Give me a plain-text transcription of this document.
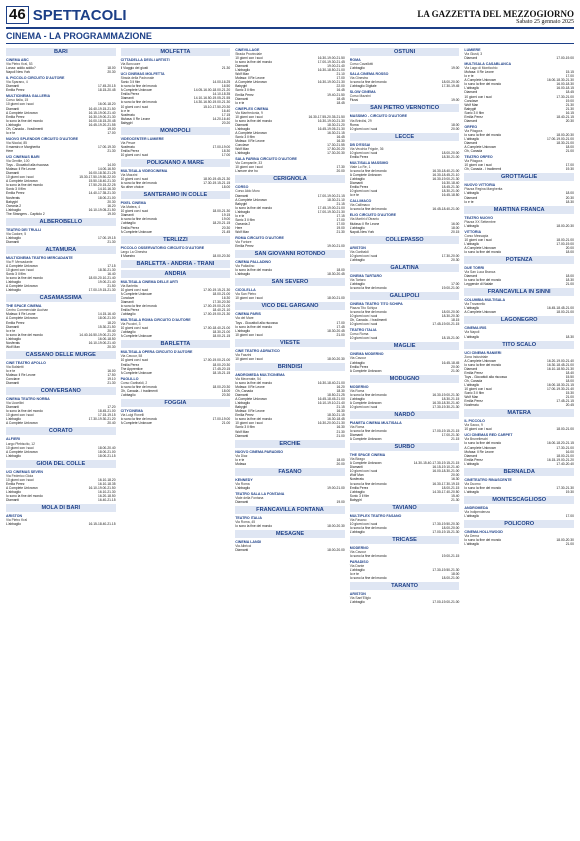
46 SPETTACOLI	LA GAZZETTA DEL MEZZOGIORNO
Sabato 25 gennaio 2025
CINEMA - LA PROGRAMMAZIONE
BARI
CINEMA ABC
Via Pietro Kral, 53
Lonza: addio addio?	18.00
Napoli New York	20.30
IL PICCOLO CIRCUITO D'AUTORE
Via Sparano, 4
Diamanti	17.45-20.15
Emilia Perez	18.15-20.45
MULTICINEMA GALLERIA
Corso Italia, 15
10 giorni con i suoi	16.00-18.20
Diamanti	16.40-19.15-21.50
A Complete Unknown	16.15-19.00-21.40
Emilia Perez	16.30-19.00-21.30
Io sono la fine del mondo	16.00-18.15-20.45
L'abbaglio	16.45-19.20-21.55
Oh, Canada - I tradimenti	19.00
Io e te	17.00
NUOVO SPLENDOR CIRCUITO D'AUTORE
Via Nicolai, 85
Il maestro e Margherita	17.00-19.30
Here	21.30
UCI CINEMAS BARI
Via Gentile, 100
Toys - Giocattoli alla riscossa	14.00
Mufasa: Il Re Leone	14.00-16.50
Diamanti	16.00-18.30-21.25
10 giorni con i suoi	15.30-17.50-19.50-22.00
A Complete Unknown	15.50-18.40-21.30
Io sono la fine del mondo	17.50-20.15-22.25
Sonic 3 Il film	14.10-16.30
Emilia Perez	14.40-17.35-21.30
Nosferatu	18.00-21.00
Babygirl	20.30
Oceania 2	16.20
L'abbaglio	16.10-19.05-21.50
The Strangers - Capitolo 2	19.00
ALBEROBELLO
TEATRO DEI TRULLI
Via Cadore, 5
L'abbaglio	17.00-19.15
Diamanti	21.30
ALTAMURA
MULTICINEMA TEATRO MERCADANTE
Via P. Mercadante
A Complete Unknown	17.15
10 giorni con i suoi	18.30-21.30
Sonic 3 Il film	16.40
Io sono la fine del mondo	18.00-20.10-21.40
L'abbaglio	19.00-21.40
A Complete Unknown	21.50
L'abbaglio	17.00-19.15-21.30
CASAMASSIMA
THE SPACE CINEMA
Centro Commerciale Auchan
Mufasa: Il Re Leone	14.15-16.40
A Complete Unknown	18.00-21.00
Emilia Perez	18.20
Diamanti	15.30-21.50
Io e te	20.40
Io sono la fine del mondo	14.40-16.50-19.00-21.20
L'abbaglio	16.00-18.50
Nosferatu	16.10-19.00-21.40
Wolf Man	20.30
CASSANO DELLE MURGE
CINE TEATRO APOLLO
Via Bufaletti
Io e te	16.00
Mufasa: Il Re Leone	17.50
Conclave	19.10
Diamanti	21.30
CONVERSANO
CINEMA TEATRO NORBA
Via Uccellini
Diamanti	17.20
Io sono la fine del mondo	18.45-21.00
10 giorni con i suoi	17.15-19.15
L'abbaglio	17.30-19.30-21.20
A Complete Unknown	20.40
CORATO
ALFIERI
Largo Plebiscito, 12
10 giorni con i suoi	18.00-20.40
A Complete Unknown	18.00-21.00
L'abbaglio	18.00-21.15
GIOIA DEL COLLE
UCI CINEMAS SEVEN
Via Federico Gioia
10 giorni con i suoi	16.10-18.20
Emilia Perez	16.10-18.35
A Complete Unknown	16.10-19.00-21.50
L'abbaglio	16.10-21.30
Io sono la fine del mondo	16.20-18.50
Diamanti	16.40-21.15
MOLA DI BARI
ARISTON
Via Pietro Kral
L'abbaglio	16.15-18.40-21.15
MOLFETTA
CITTADELLA DEGLI ARTISTI
Via Boncuore
Il Viaggio dei giusti	21.30
UCI CINEMAS MOLFETTA
Strada della Padronale
Sonic 3 Il film	14.00-16.25
Io sono la fine del mondo	16.50
A Complete Unknown	14.05-16.00-18.00-21.20
Emilia Perez	14.10-18.35
Diamanti	14.10-16.50-19.05-21.55
Io sono la fine del mondo	14.30-16.50-19.00-21.30
10 giorni con i suoi	15.10-17.50-20.30
Io e te	16.40
Nosferatu	17.15
Mufasa: Il Re Leone	14.20-16.40
Babygirl	20.20
MONOPOLI
VIDEOCENTER LUMIERE
Via Pesce
Nosferatu	17.00-19.00
Emilia Perez	18.30
10 giorni con i suoi	17.00
POLIGNANO A MARE
MULTISALA VIDEOCINEMA
Via Mazzini
10 giorni con i suoi	18.00-19.45-21.30
Io sono la fine del mondo	17.30-19.15-21.15
No other choice	18.00
SANTERAMO IN COLLE
PIXEL CINEMA
Via Matera, 4
10 giorni con i suoi	18.00-21.30
Diamanti	19.15
Io sono la fine del mondo	19.00
L'abbaglio	18.20-21.15
Emilia Perez	20.30
A Complete Unknown	21.45
TERLIZZI
PICCOLO OSSERVATORIO CIRCUITO D'AUTORE
Largo La Ginestra
Il Maestro	18.00-20.30
BARLETTA - ANDRIA - TRANI
ANDRIA
MULTISALA CINEMA DELLE ARTI
Via Barletta
10 giorni con i suoi	17.00-19.15-21.30
A Complete Unknown	18.00-21.00
Conclave	16.30
Diamanti	17.30-20.30
Io sono la fine del mondo	17.00-19.00-21.00
Emilia Perez	18.40-21.10
L'abbaglio	17.00-19.00-21.30
MULTISALA ROMA CIRCUITO D'AUTORE
Via Puccini, 3
10 giorni con i suoi	17.00-18.40-21.00
L'abbaglio	18.30-21.00
A Complete Unknown	18.00-21.15
BARLETTA
MULTISALA OPERA CIRCUITO D'AUTORE
Via Cavour, 58
10 giorni con i suoi	17.00-19.00-21.00
Emilia Perez	18.00-20.30
The Apprentice	17.45-20.15
A Complete Unknown	18.15-21.15
PAOLILLO
Corso Garibaldi, 2
Io sono la fine del mondo	18.00-20.30
Oh, Canada - I tradimenti	18.00
L'abbaglio	20.30
FOGGIA
CITYCINEMA
Via Luigi Rovelli
Io sono la fine del mondo	17.00-19.00
A Complete Unknown	21.00
CINEVILLAGE
Strada Provinciale
10 giorni con i suoi	16.30-19.00-21.50
Io sono la fine del mondo	17.00-19.30-21.45
Diamanti	19.00-21.40
L'abbaglio	16.30-18.50-21.00
Wolf Man	21.10
Mufasa: Il Re Leone	17.00
A Complete Unknown	16.30-19.00-21.30
Babygirl	22.00
Sonic 3 Il film	16.45
Emilia Perez	19.40-21.50
Diamanti	18.45
Io e te	18.45
CINEPLEX CINEMA
Via Manfredonia, 9
10 giorni con i suoi	16.30-17.55-20.35-21.50
Io sono la fine del mondo	16.30-19.00-21.30
Diamanti	18.30-21.20
L'abbaglio	16.45-19.05-21.30
A Complete Unknown	16.30-21.15
Sonic 3 Il film	16.45
Mufasa: Il Re Leone	16.30
Conclave	17.30-21.55
Wolf Man	17.50-20.20
L'abbaglio	17.30-20.30
SALA FARINA CIRCUITO D'AUTORE
Via Campanile, 33
10 giorni con i suoi	17.30
L'amore che ho	20.00
CERIGNOLA
CORSO
Corso Aldo Moro
Diamanti	17.00-19.00-21.15
A Complete Unknown	18.30-21.10
Babygirl	21.15
Io sono la fine del mondo	17.45-19.00-21.00
L'abbaglio	17.00-19.30-21.30
Io e te	17.15
Sonic 3 Il film	17.00
Oceania 2	17.00
Here	19.00
Wolf Man	21.30
ROMA CIRCUITO D'AUTORE
Via Fortore
Emilia Perez	19.00-21.00
SAN GIOVANNI ROTONDO
CINEMA PALLADINO
Via Palladino
Io sono la fine del mondo	18.00
L'abbaglio	18.30-20.45
SAN SEVERO
CICOLELLA
Via San Pietro
10 giorni con i suoi	18.00-21.00
VICO DEL GARGANO
CINEMA PARIS
Via del Mare
Toys - Giocattoli alla riscossa	17.00
Io sono la fine del mondo	17.45
L'abbaglio	18.30-20.45
10 giorni con i suoi	21.00
VIESTE
CINE TEATRO ADRIATICO
Via Fazzini
10 giorni con i suoi	18.00-20.30
BRINDISI
ANDROMEDA MULTICINEMA
Via Mecenate, 54
Io sono la fine del mondo	16.30-18.40-21.00
Mufasa: Il Re Leone	16.20
Oh, Canada	18.30
Diamanti	18.50-21.25
A Complete Unknown	16.45-18.45-21.00
L'abbaglio	16.10-19.10-21.40
Babygirl	21.15
Mufasa: Il Re Leone	16.30
Emilia Perez	18.30-21.15
Io sono la fine del mondo	16.30-18.45
10 giorni con i suoi	16.30-20.00-21.30
Sonic 3 Il film	16.30
Wolf Man	21.30
Diamanti	21.00
ERCHIE
NUOVO CINEMA PARADISO
Via Diaz
Io e te	18.00
Mufasa	20.00
FASANO
KENNEDY
Via Roma
L'abbaglio	19.00-21.00
TEATRO SALA LA FONTANA
Viale della Fontana
Diamanti	19.00
FRANCAVILLA FONTANA
TEATRO ITALIA
Via Roma, 45
Io sono la fine del mondo	18.00-20.30
MESAGNE
CINEMA LANDI
Via Albricci
Diamanti	18.00-20.00
OSTUNI
ROMA
Corso Cavallotti
L'abbaglio	19.00
SALA CINEMA ROSSO
Via Ginestra
Io sono la fine del mondo	18.00-20.00
L'abbaglio Digitale	17.30-19.45
SLOW CINEMA
Corso Mazzini
Flussi	19.00
SAN PIETRO VERNOTICO
MASSIMO - CIRCUITO D'AUTORE
Via Brindisi, 29
Roma	18.00
10 giorni con i suoi	20.00
LECCE
DB D'ESSAI
Via Vecchia Frigole, 36
10 giorni con i suoi	18.00-20.00
Emilia Perez	18.30-21.00
MULTISALA MASSIMO
Viale Lo Re, 1
Io sono la fine del mondo	16.30-18.40-21.00
A Complete Unknown	16.30-18.45-21.10
L'abbaglio	16.30-19.00-21.30
Diamanti	16.30-18.40
Emilia Perez	18.45-21.30
10 giorni con i suoi	18.30-21.00
Io e te	16.45-18.50
CALLIMACO
Via Callimaco
Io sono la fine del mondo	16.45-18.40-21.00
ELIO CIRCUITO D'AUTORE
Via Martiri d'Otranto
Mufasa: Il Re Leone	16.00
L'abbaglio	18.00
Napoli-New York	20.15
COLLEPASSO
ARISTON
Via Garibaldi
10 giorni con i suoi	17.30-20.00
L'abbaglio	20.30
GALATINA
CINEMA TARTARO
Via Tartaro
L'abbaglio	17.00
Io sono la fine del mondo	19.00-21.00
GALLIPOLI
CINEMA TEATRO TITO SCHIPA
Piazza Tito Schipa
Io sono la fine del mondo	18.00-20.00
10 giorni con i suoi	18.30-20.30
Oh, Canada - I tradimenti	18.15
10 giorni con i suoi	17.45-19.00-21.15
TEATRO ITALIA
Corso Roma
10 giorni con i suoi	18.15-21.00
MAGLIE
CINEMA MODERNO
Via Cavour
L'abbaglio	16.45-18.45
Emilia Perez	20.00
A Complete Unknown	21.00
MODUGNO
MODERNO
Via Roma
Io sono la fine del mondo	16.30-19.00-21.30
L'abbaglio	18.30-21.15
A Complete Unknown	16.30-18.30-21.40
10 giorni con i suoi	17.30-19.30-21.30
NARDÒ
PIANETA CINEMA MULTISALA
Via Roma
Io sono la fine del mondo	17.00-19.15-21.15
Diamanti	17.00-21.30
A Complete Unknown	21.15
SURBO
THE SPACE CINEMA
Via Birago
A Complete Unknown	14.30-15.40-17.30-19.15-21.15
Diamanti	16.15-19.10-21.40
10 giorni con i suoi	16.00-18.30-21.00
Wolf Man	20.00
Nosferatu	16.30
Io sono la fine del mondo	16.30-17.30-19.15
Emilia Perez	18.00-21.15
L'abbaglio	14.30-17.40-20.50
Sonic 3 Il film	15.40
Babygirl	21.30
TAVIANO
MULTIPLEX TEATRO FASANO
Via Fasano
10 giorni con i suoi	17.30-19.50-20.30
Io sono la fine del mondo	18.00-20.00
L'abbaglio	17.00-19.15-21.30
TRICASE
MODERNO
Via Cavour
Io sono la fine del mondo	19.00-21.15
PARADISO
Via Dante
L'abbaglio	17.30-19.50-21.30
Io e te	18.00
Io sono la fine del mondo	18.00-21.00
TARANTO
ARISTON
Via Sant'Eligio
L'abbaglio	17.00-19.00-21.00
LUMIERE
Via Giusti, 3
Diamanti	17.00-19.00
MULTISALA CASABLANCA
Via Lago di Monticchio
Mufasa: Il Re Leone	15.15
Io e te	17.00
A Complete Unknown	16.00-18.30-21.30
Io sono la fine del mondo	16.00-18.30
L'abbaglio	16.00-18.15
Diamanti	18.45
10 giorni con i suoi	17.30-21.00
Conclave	19.00
Wolf Man	21.30
Babygirl	21.30
Sonic 3 Il film	16.15
Emilia Perez	18.40-21.15
Diamanti	20.30
ORFEO
Via Pitagora
Io sono la fine del mondo	18.00-20.30
L'abbaglio	17.00-19.00-21.00
Diamanti	18.30-21.00
A Complete Unknown	18.00
Oh, Canada	21.00
TEATRO ORFEO
Via Pitagora
10 giorni con i suoi	17.00
Oh, Canada - I tradimenti	19.30
GROTTAGLIE
NUOVO VITTORIA
Piazza Regina Margherita
L'abbaglio	18.00
Diamanti	20.30
Io e te	18.30
MARTINA FRANCA
TEATRO NUOVO
Piazza XX Settembre
L'abbaglio	18.00-20.30
VITTORIA
Corso Messapia
10 giorni con i suoi	18.00-21.00
L'abbaglio	17.00-19.00
A Complete Unknown	20.00
Io sono la fine del mondo	18.00
POTENZA
DUE TORRI
Via San Luca Branca
Diamanti	18.00
Io sono la fine del mondo	18.30
Leggende di Natale	21.00
FRANCAVILLA IN SINNI
COLUMBIA MULTISALA
Via Trovanello
L'abbaglio	16.45-18.45-21.00
A Complete Unknown	18.00-21.00
LAGONEGRO
CINEMA IRIS
Via Napoli
L'abbaglio	18.30
TITO SCALO
UCI CINEMA RANIERI
Zona Industriale
A Complete Unknown	16.20-19.00-21.40
Io sono la fine del mondo	16.30-18.45-21.00
Diamanti	16.10-18.50-21.30
Emilia Perez	18.40
Toys - Giocattoli alla riscossa	15.50
Oh, Canada	18.00
L'abbaglio	16.00-18.30-21.15
10 giorni con i suoi	17.00-19.30-21.40
Sonic 3 Il film	15.30
Wolf Man	21.00
Emilia Perez	17.45-21.15
Nosferatu	20.45
MATERA
IL PICCOLO
Via Sacco, 9
10 giorni con i suoi	18.00-21.00
UCI CINEMAS RED CARPET
Via Brunelleschi
Io sono la fine del mondo	16.00-18.20-21.15
A Complete Unknown	17.30-21.00
Mufasa: Il Re Leone	16.00
Diamanti	18.00-21.00
Emilia Perez	16.15-19.00-21.20
L'abbaglio	17.40-20.40
BERNALDA
CINETEATRO RINASCENTE
Via Duomo
Io sono la fine del mondo	17.30-21.30
L'abbaglio	19.30
MONTESCAGLIOSO
ANDROMEDA
Via Indipendenza
L'abbaglio	17.00
POLICORO
CINEMA HOLLYWOOD
Via Derna
Io sono la fine del mondo	18.00-20.30
L'abbaglio	21.00
